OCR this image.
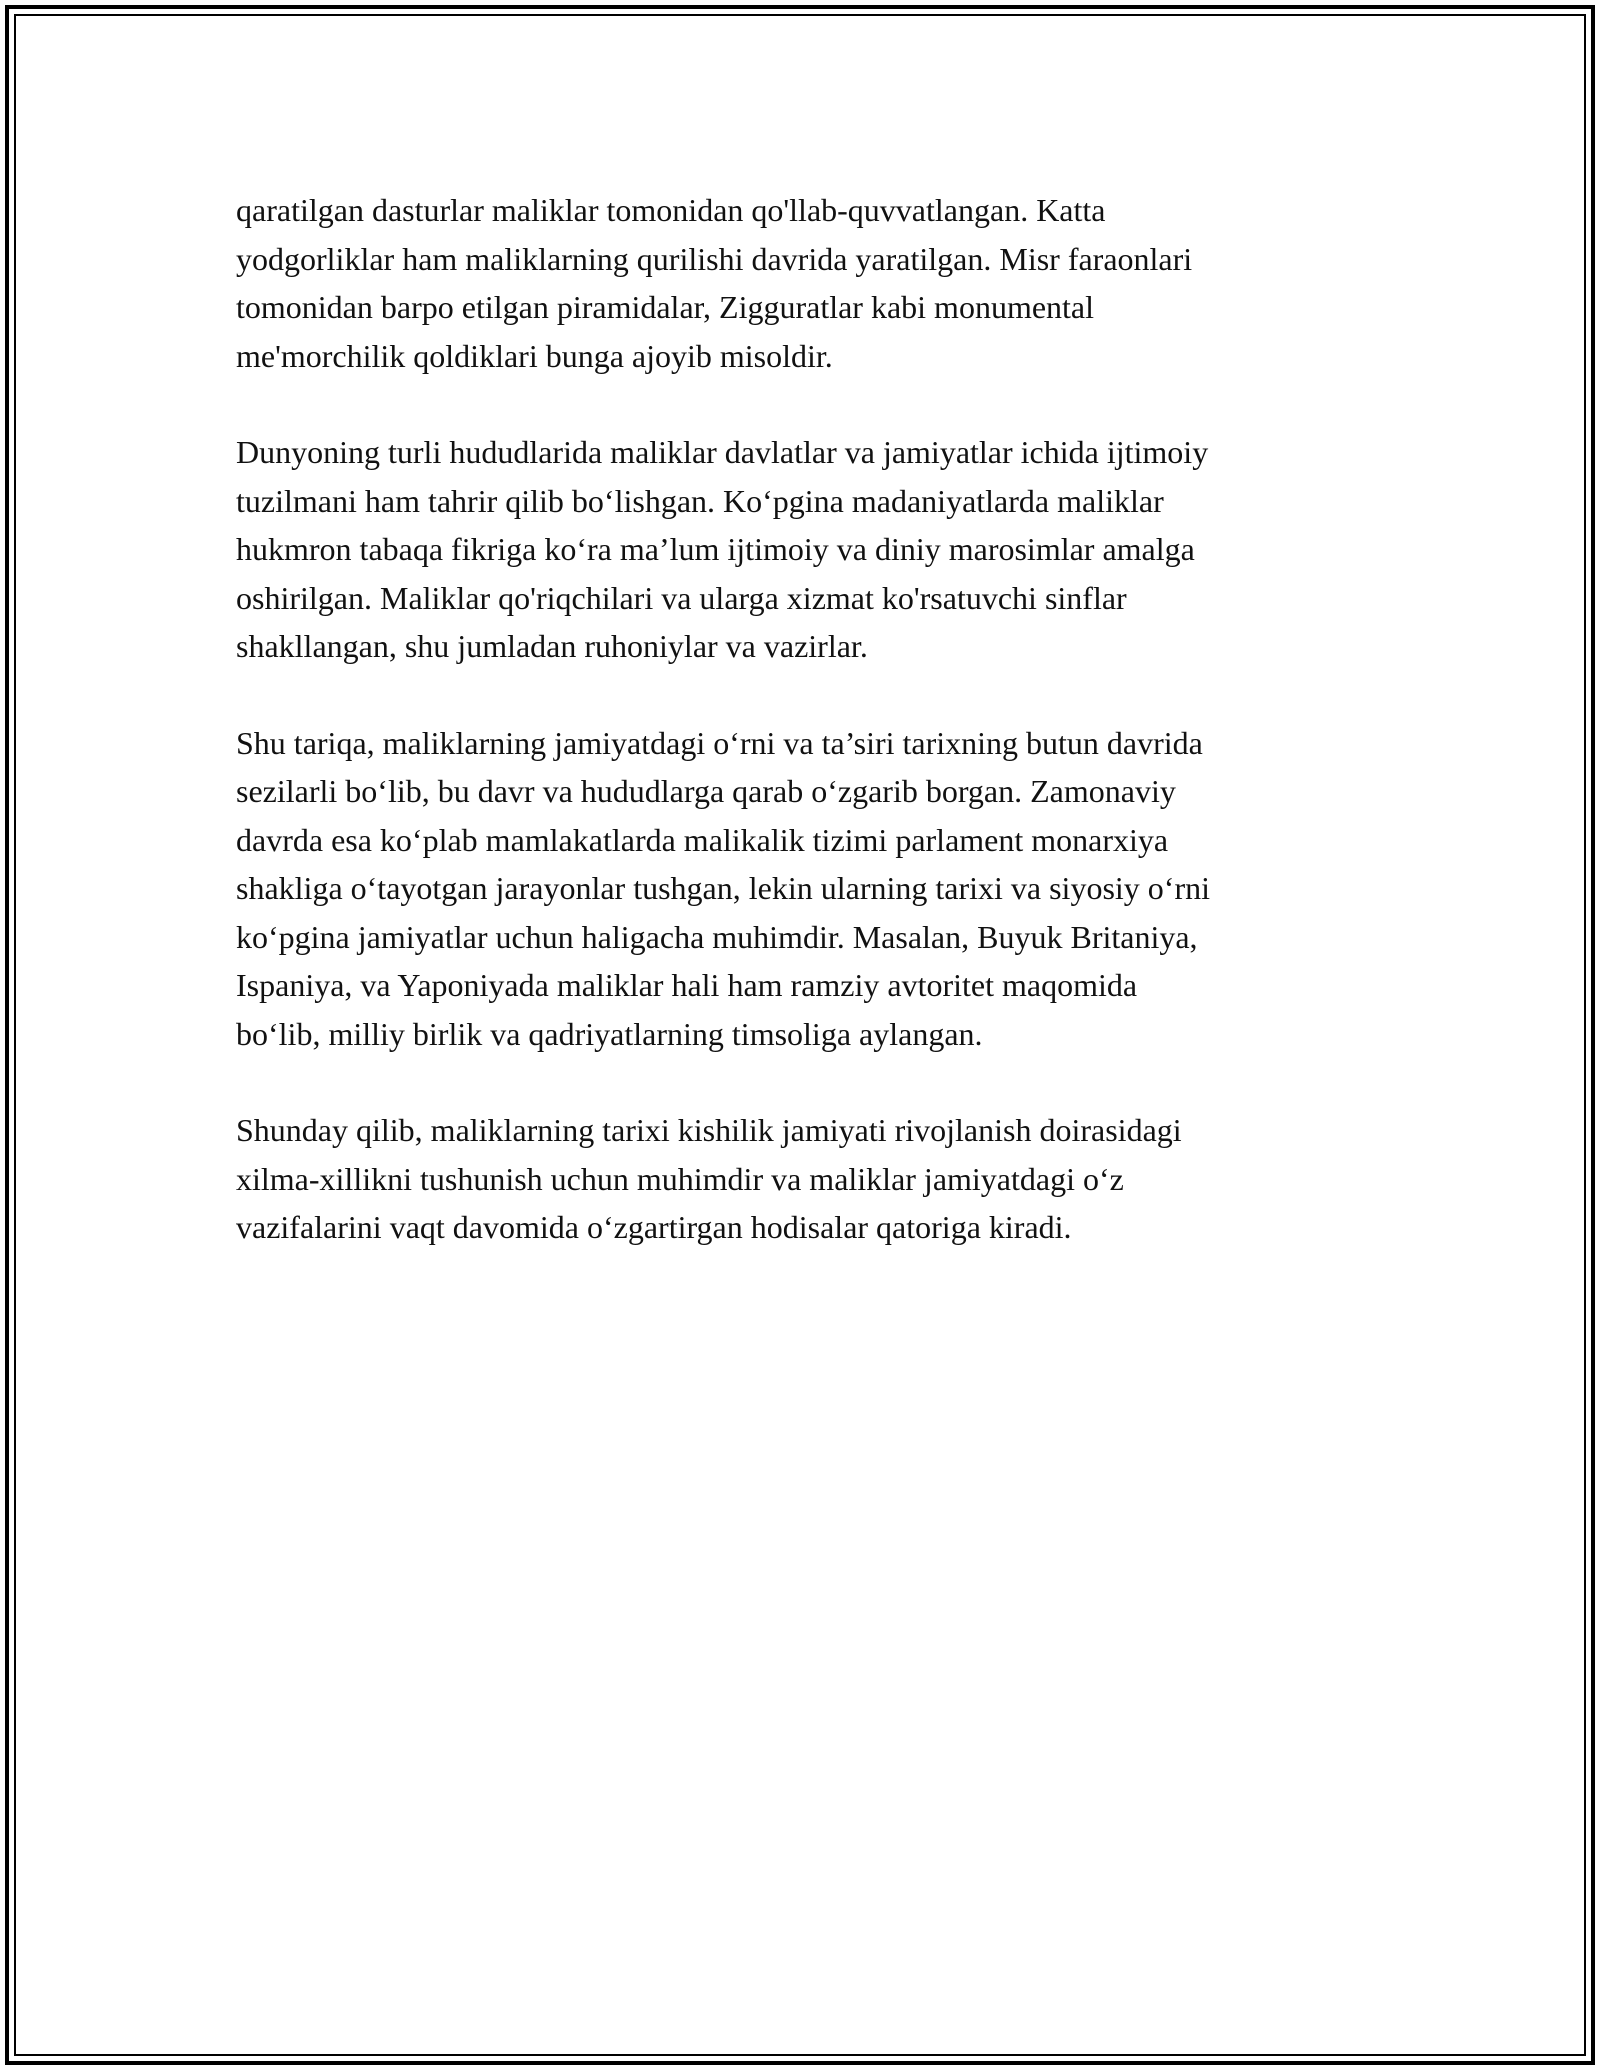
qaratilgan dasturlar maliklar tomonidan qo'llab-quvvatlangan. Katta
yodgorliklar ham maliklarning qurilishi davrida yaratilgan. Misr faraonlari
tomonidan barpo etilgan piramidalar, Zigguratlar kabi monumental
me'morchilik qoldiklari bunga ajoyib misoldir.

Dunyoning turli hududlarida maliklar davlatlar va jamiyatlar ichida ijtimoiy
tuzilmani ham tahrir qilib bo‘lishgan. Ko‘pgina madaniyatlarda maliklar
hukmron tabaqa fikriga ko‘ra ma’lum ijtimoiy va diniy marosimlar amalga
oshirilgan. Maliklar qo'riqchilari va ularga xizmat ko'rsatuvchi sinflar
shakllangan, shu jumladan ruhoniylar va vazirlar.

Shu tariqa, maliklarning jamiyatdagi o‘rni va ta’siri tarixning butun davrida
sezilarli bo‘lib, bu davr va hududlarga qarab o‘zgarib borgan. Zamonaviy
davrda esa ko‘plab mamlakatlarda malikalik tizimi parlament monarxiya
shakliga o‘tayotgan jarayonlar tushgan, lekin ularning tarixi va siyosiy o‘rni
ko‘pgina jamiyatlar uchun haligacha muhimdir. Masalan, Buyuk Britaniya,
Ispaniya, va Yaponiyada maliklar hali ham ramziy avtoritet maqomida
bo‘lib, milliy birlik va qadriyatlarning timsoliga aylangan.

Shunday qilib, maliklarning tarixi kishilik jamiyati rivojlanish doirasidagi
xilma-xillikni tushunish uchun muhimdir va maliklar jamiyatdagi o‘z
vazifalarini vaqt davomida o‘zgartirgan hodisalar qatoriga kiradi.
